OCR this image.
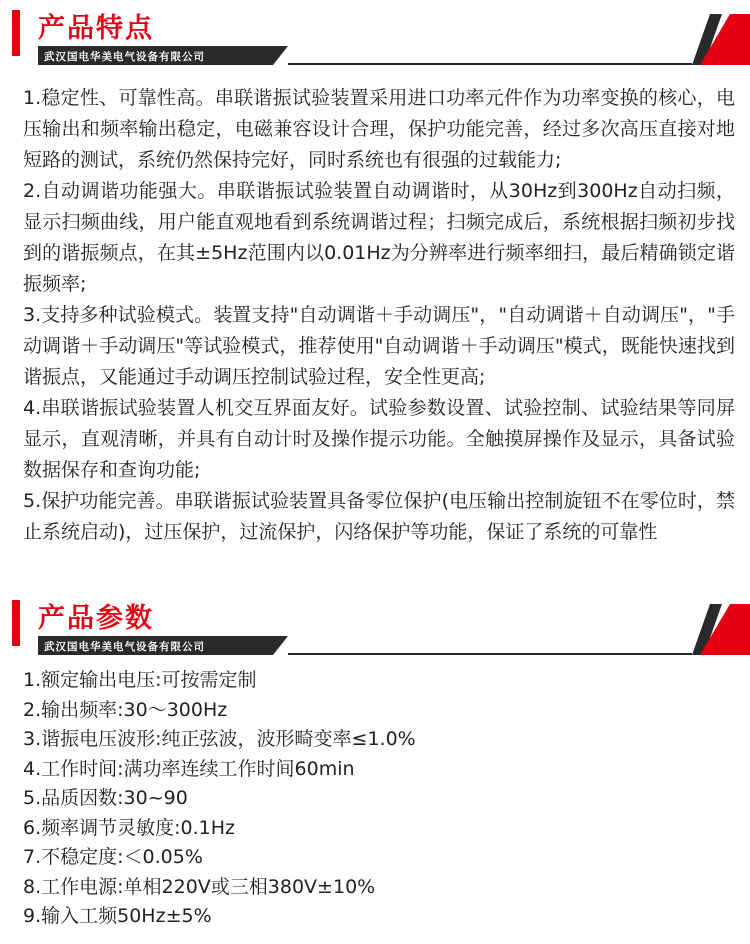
产品特点
武汉国电华美电气设备有限公司

1.稳定性、可靠性高。串联谐振试验装置采用进口功率元件作为功率变换的核心，电压输出和频率输出稳定，电磁兼容设计合理，保护功能完善，经过多次高压直接对地短路的测试，系统仍然保持完好，同时系统也有很强的过载能力;

2.自动调谐功能强大。串联谐振试验装置自动调谐时，从30Hz到300Hz自动扫频，显示扫频曲线，用户能直观地看到系统调谐过程；扫频完成后，系统根据扫频初步找到的谐振频点，在其±5Hz范围内以0.01Hz为分辨率进行频率细扫，最后精确锁定谐振频率;

3.支持多种试验模式。装置支持"自动调谐＋手动调压"，"自动调谐＋自动调压"，"手动调谐＋手动调压"等试验模式，推荐使用"自动调谐＋手动调压"模式，既能快速找到谐振点，又能通过手动调压控制试验过程，安全性更高;

4.串联谐振试验装置人机交互界面友好。试验参数设置、试验控制、试验结果等同屏显示，直观清晰，并具有自动计时及操作提示功能。全触摸屏操作及显示，具备试验数据保存和查询功能;

5.保护功能完善。串联谐振试验装置具备零位保护(电压输出控制旋钮不在零位时，禁止系统启动)，过压保护，过流保护，闪络保护等功能，保证了系统的可靠性

产品参数
武汉国电华美电气设备有限公司
1.额定输出电压:可按需定制
2.输出频率:30～300Hz
3.谐振电压波形:纯正弦波，波形畸变率≤1.0%
4.工作时间:满功率连续工作时间60min
5.品质因数:30~90
6.频率调节灵敏度:0.1Hz
7.不稳定度:＜0.05%
8.工作电源:单相220V或三相380V±10%
9.输入工频50Hz±5%
